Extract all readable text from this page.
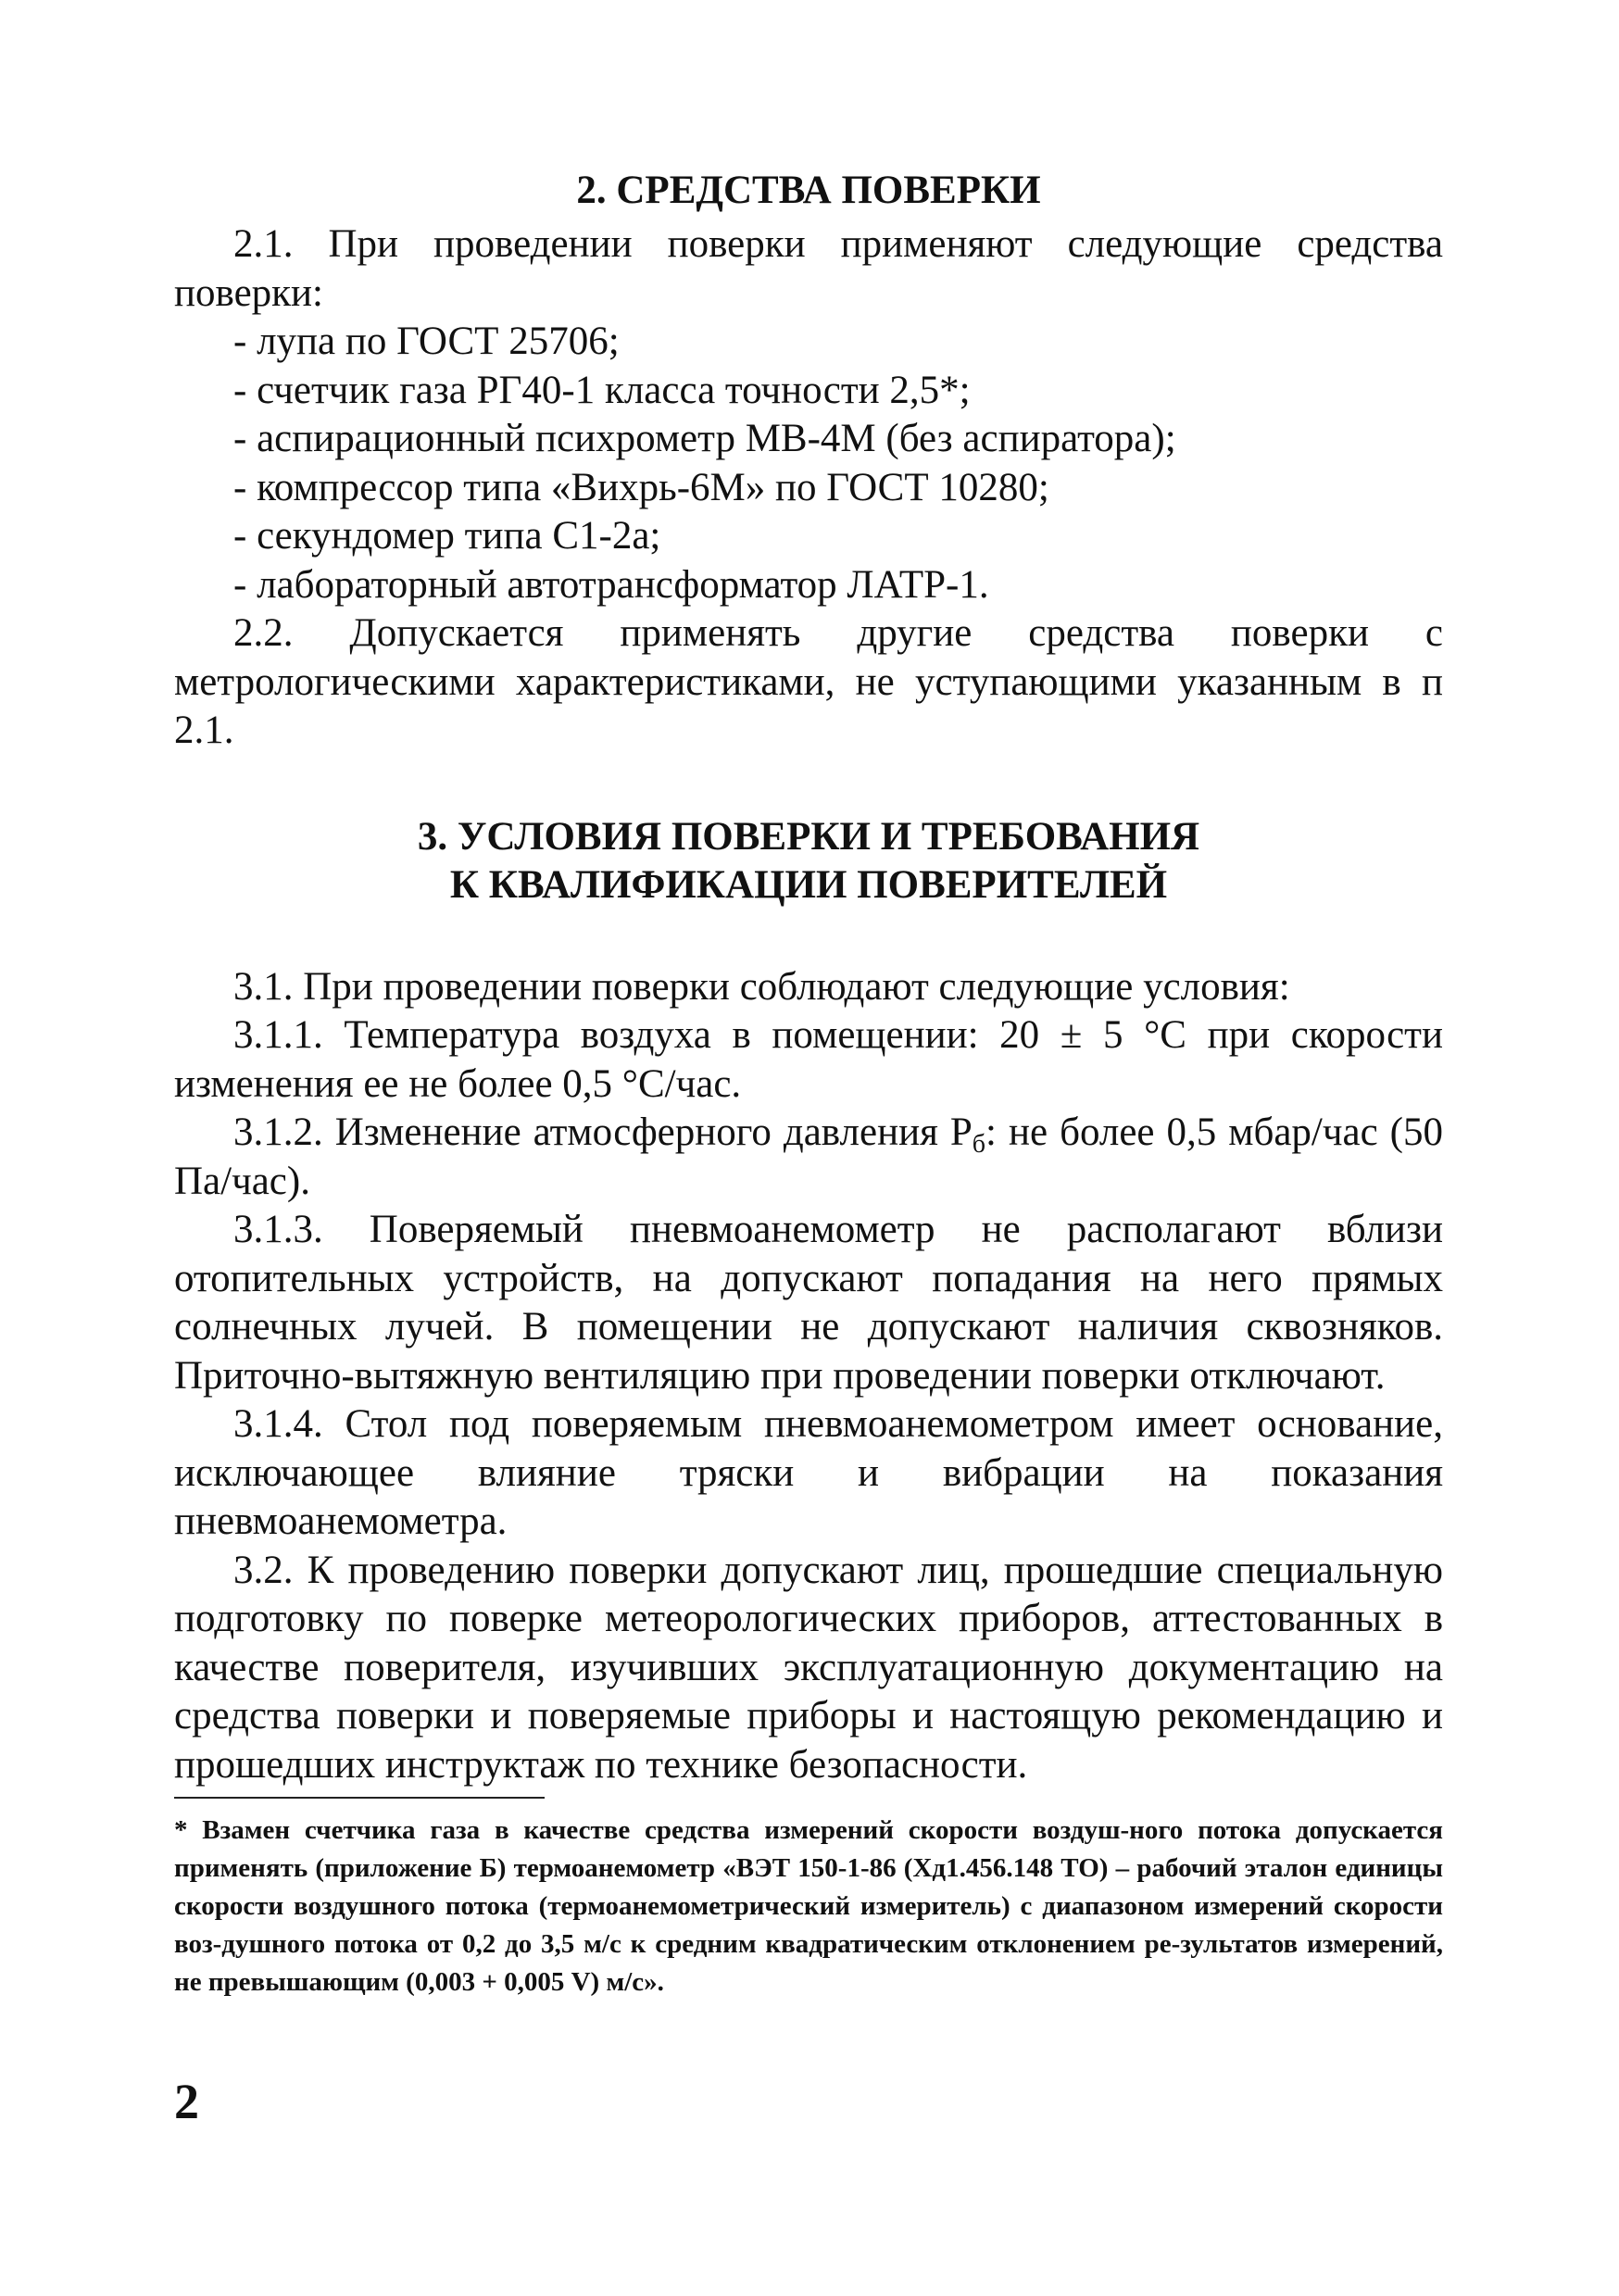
2. СРЕДСТВА ПОВЕРКИ

2.1. При проведении поверки применяют следующие средства поверки:

- лупа по ГОСТ 25706;

- счетчик газа РГ40-1 класса точности 2,5*;

- аспирационный психрометр МВ-4М (без аспиратора);

- компрессор типа «Вихрь-6М» по ГОСТ 10280;

- секундомер типа С1-2а;

- лабораторный автотрансформатор ЛАТР-1.

2.2. Допускается применять другие средства поверки с метрологическими характеристиками, не уступающими указанным в п 2.1.

3. УСЛОВИЯ ПОВЕРКИ И ТРЕБОВАНИЯ

К КВАЛИФИКАЦИИ ПОВЕРИТЕЛЕЙ

3.1. При проведении поверки соблюдают следующие условия:

3.1.1. Температура воздуха в помещении: 20 ± 5 °С при скорости изменения ее не более 0,5 °С/час.

3.1.2. Изменение атмосферного давления $Р_б$: не более 0,5 мбар/час (50 Па/час).

3.1.3. Поверяемый пневмоанемометр не располагают вблизи отопительных устройств, на допускают попадания на него прямых солнечных лучей. В помещении не допускают наличия сквозняков. Приточно-вытяжную вентиляцию при проведении поверки отключают.

3.1.4. Стол под поверяемым пневмоанемометром имеет основание, исключающее влияние тряски и вибрации на показания пневмоанемометра.

3.2. К проведению поверки допускают лиц, прошедшие специальную подготовку по поверке метеорологических приборов, аттестованных в качестве поверителя, изучивших эксплуатационную документацию на средства поверки и поверяемые приборы и настоящую рекомендацию и прошедших инструктаж по технике безопасности.

* Взамен счетчика газа в качестве средства измерений скорости воздуш-ного потока допускается применять (приложение Б) термоанемометр «ВЭТ 150-1-86 (Хд1.456.148 ТО) – рабочий эталон единицы скорости воздушного потока (термоанемометрический измеритель) с диапазоном измерений скорости воз-душного потока от 0,2 до 3,5 м/с к средним квадратическим отклонением ре-зультатов измерений, не превышающим (0,003 + 0,005 V) м/с».

2
